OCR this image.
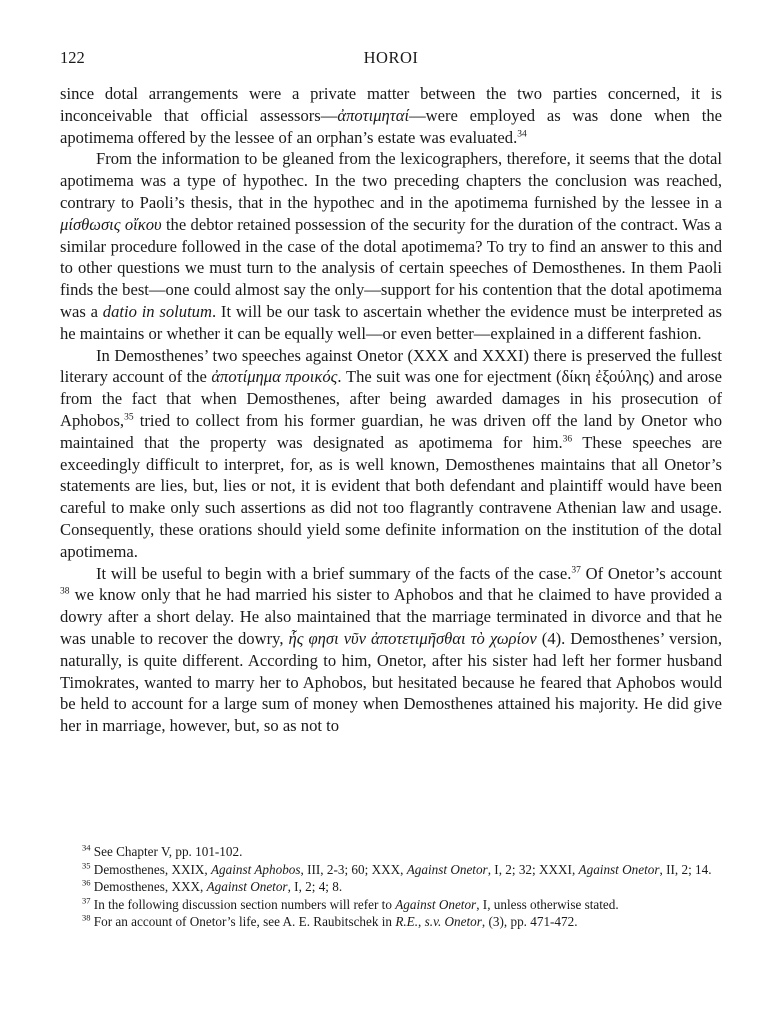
122	HOROI

since dotal arrangements were a private matter between the two parties concerned, it is inconceivable that official assessors—ἀποτιμηταί—were employed as was done when the apotimema offered by the lessee of an orphan’s estate was evaluated.$^{34}$

From the information to be gleaned from the lexicographers, therefore, it seems that the dotal apotimema was a type of hypothec. In the two preceding chapters the conclusion was reached, contrary to Paoli’s thesis, that in the hypothec and in the apotimema furnished by the lessee in a μίσθωσις οἴκου the debtor retained possession of the security for the duration of the contract. Was a similar procedure followed in the case of the dotal apotimema? To try to find an answer to this and to other questions we must turn to the analysis of certain speeches of Demosthenes. In them Paoli finds the best—one could almost say the only—support for his contention that the dotal apotimema was a datio in solutum. It will be our task to ascertain whether the evidence must be interpreted as he maintains or whether it can be equally well—or even better—explained in a different fashion.

In Demosthenes’ two speeches against Onetor (XXX and XXXI) there is preserved the fullest literary account of the ἀποτίμημα προικός. The suit was one for ejectment (δίκη ἐξούλης) and arose from the fact that when Demosthenes, after being awarded damages in his prosecution of Aphobos,$^{35}$ tried to collect from his former guardian, he was driven off the land by Onetor who maintained that the property was designated as apotimema for him.$^{36}$ These speeches are exceedingly difficult to interpret, for, as is well known, Demosthenes maintains that all Onetor’s statements are lies, but, lies or not, it is evident that both defendant and plaintiff would have been careful to make only such assertions as did not too flagrantly contravene Athenian law and usage. Consequently, these orations should yield some definite information on the institution of the dotal apotimema.

It will be useful to begin with a brief summary of the facts of the case.$^{37}$ Of Onetor’s account $^{38}$ we know only that he had married his sister to Aphobos and that he claimed to have provided a dowry after a short delay. He also maintained that the marriage terminated in divorce and that he was unable to recover the dowry, ἧς φησι νῦν ἀποτετιμῆσθαι τὸ χωρίον (4). Demosthenes’ version, naturally, is quite different. According to him, Onetor, after his sister had left her former husband Timokrates, wanted to marry her to Aphobos, but hesitated because he feared that Aphobos would be held to account for a large sum of money when Demosthenes attained his majority. He did give her in marriage, however, but, so as not to

$^{34}$ See Chapter V, pp. 101-102.

$^{35}$ Demosthenes, XXIX, Against Aphobos, III, 2-3; 60; XXX, Against Onetor, I, 2; 32; XXXI, Against Onetor, II, 2; 14.

$^{36}$ Demosthenes, XXX, Against Onetor, I, 2; 4; 8.

$^{37}$ In the following discussion section numbers will refer to Against Onetor, I, unless otherwise stated.

$^{38}$ For an account of Onetor’s life, see A. E. Raubitschek in R.E., s.v. Onetor, (3), pp. 471-472.
